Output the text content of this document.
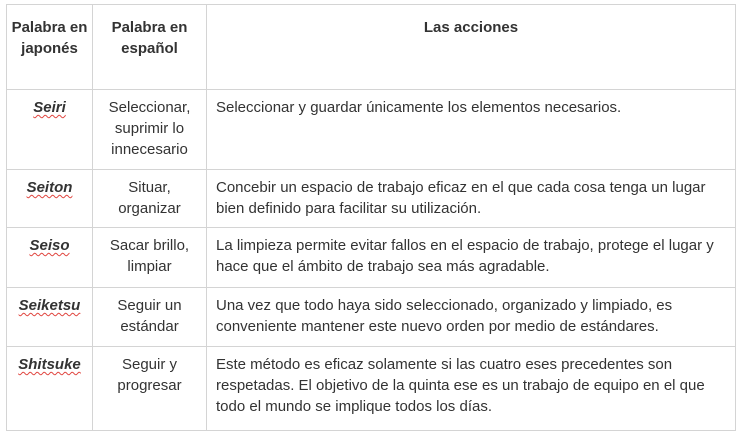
Palabra en japonés	Palabra en español	Las acciones
Seiri	Seleccionar, suprimir lo innecesario	Seleccionar y guardar únicamente los elementos necesarios.
Seiton	Situar, organizar	Concebir un espacio de trabajo eficaz en el que cada cosa tenga un lugar bien definido para facilitar su utilización.
Seiso	Sacar brillo, limpiar	La limpieza permite evitar fallos en el espacio de trabajo, protege el lugar y hace que el ámbito de trabajo sea más agradable.
Seiketsu	Seguir un estándar	Una vez que todo haya sido seleccionado, organizado y limpiado, es conveniente mantener este nuevo orden por medio de estándares.
Shitsuke	Seguir y progresar	Este método es eficaz solamente si las cuatro eses precedentes son respetadas. El objetivo de la quinta ese es un trabajo de equipo en el que todo el mundo se implique todos los días.
